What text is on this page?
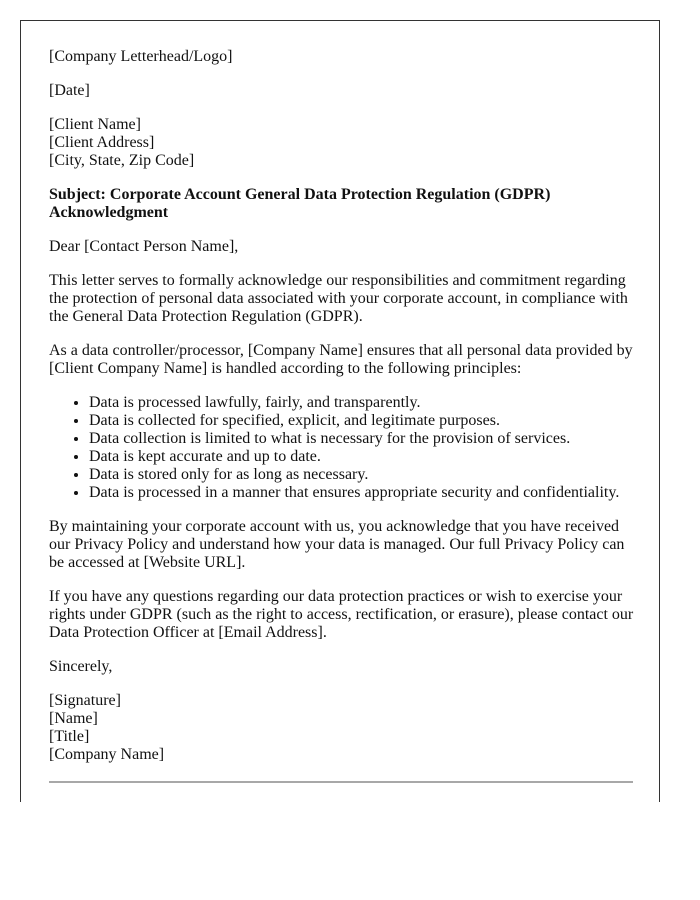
[Company Letterhead/Logo]

[Date]

[Client Name]
[Client Address]
[City, State, Zip Code]

Subject: Corporate Account General Data Protection Regulation (GDPR) Acknowledgment

Dear [Contact Person Name],

This letter serves to formally acknowledge our responsibilities and commitment regarding the protection of personal data associated with your corporate account, in compliance with the General Data Protection Regulation (GDPR).

As a data controller/processor, [Company Name] ensures that all personal data provided by [Client Company Name] is handled according to the following principles:

• Data is processed lawfully, fairly, and transparently.
• Data is collected for specified, explicit, and legitimate purposes.
• Data collection is limited to what is necessary for the provision of services.
• Data is kept accurate and up to date.
• Data is stored only for as long as necessary.
• Data is processed in a manner that ensures appropriate security and confidentiality.

By maintaining your corporate account with us, you acknowledge that you have received our Privacy Policy and understand how your data is managed. Our full Privacy Policy can be accessed at [Website URL].

If you have any questions regarding our data protection practices or wish to exercise your rights under GDPR (such as the right to access, rectification, or erasure), please contact our Data Protection Officer at [Email Address].

Sincerely,

[Signature]
[Name]
[Title]
[Company Name]
